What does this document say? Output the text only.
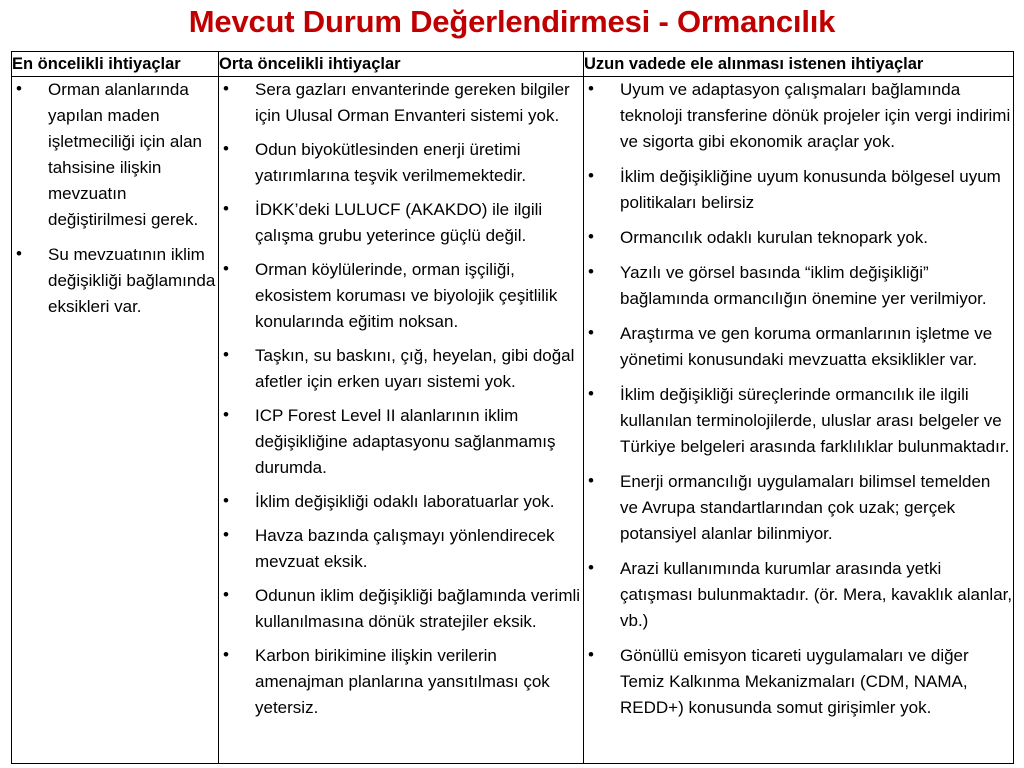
Mevcut Durum Değerlendirmesi - Ormancılık
En öncelikli ihtiyaçlar	Orta öncelikli ihtiyaçlar	Uzun vadede ele alınması istenen ihtiyaçlar

• Orman alanlarında yapılan maden işletmeciliği için alan tahsisine ilişkin mevzuatın değiştirilmesi gerek.
• Su mevzuatının iklim değişikliği bağlamında eksikleri var.

• Sera gazları envanterinde gereken bilgiler için Ulusal Orman Envanteri sistemi yok.
• Odun biyokütlesinden enerji üretimi yatırımlarına teşvik verilmemektedir.
• İDKK’deki LULUCF (AKAKDO) ile ilgili çalışma grubu yeterince güçlü değil.
• Orman köylülerinde, orman işçiliği, ekosistem koruması ve biyolojik çeşitlilik konularında eğitim noksan.
• Taşkın, su baskını, çığ, heyelan, gibi doğal afetler için erken uyarı sistemi yok.
• ICP Forest Level II alanlarının iklim değişikliğine adaptasyonu sağlanmamış durumda.
• İklim değişikliği odaklı laboratuarlar yok.
• Havza bazında çalışmayı yönlendirecek mevzuat eksik.
• Odunun iklim değişikliği bağlamında verimli kullanılmasına dönük stratejiler eksik.
• Karbon birikimine ilişkin verilerin amenajman planlarına yansıtılması çok yetersiz.

• Uyum ve adaptasyon çalışmaları bağlamında teknoloji transferine dönük projeler için vergi indirimi ve sigorta gibi ekonomik araçlar yok.
• İklim değişikliğine uyum konusunda bölgesel uyum politikaları belirsiz
• Ormancılık odaklı kurulan teknopark yok.
• Yazılı ve görsel basında “iklim değişikliği” bağlamında ormancılığın önemine yer verilmiyor.
• Araştırma ve gen koruma ormanlarının işletme ve yönetimi konusundaki mevzuatta eksiklikler var.
• İklim değişikliği süreçlerinde ormancılık ile ilgili kullanılan terminolojilerde, uluslar arası belgeler ve Türkiye belgeleri arasında farklılıklar bulunmaktadır.
• Enerji ormancılığı uygulamaları bilimsel temelden ve Avrupa standartlarından çok uzak; gerçek potansiyel alanlar bilinmiyor.
• Arazi kullanımında kurumlar arasında yetki çatışması bulunmaktadır. (ör. Mera, kavaklık alanlar, vb.)
• Gönüllü emisyon ticareti uygulamaları ve diğer Temiz Kalkınma Mekanizmaları (CDM, NAMA, REDD+) konusunda somut girişimler yok.
